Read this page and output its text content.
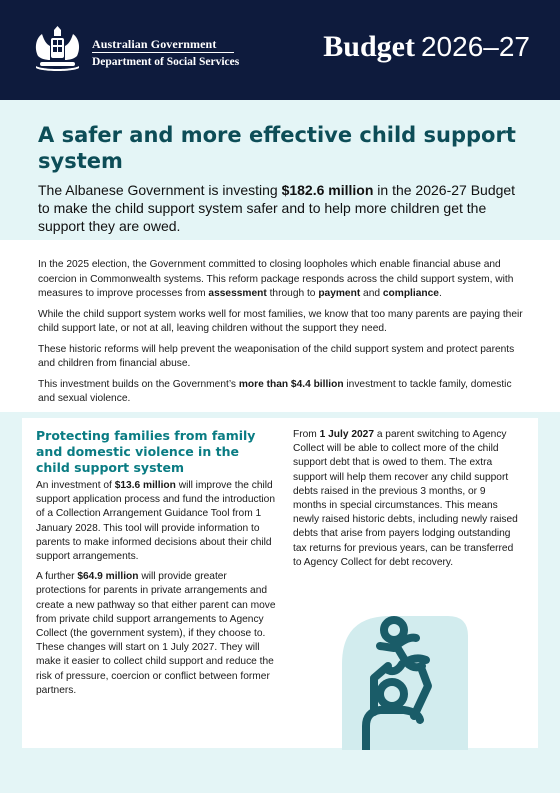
Australian Government
Department of Social Services	Budget 2026–27
A safer and more effective child support system

The Albanese Government is investing $182.6 million in the 2026-27 Budget to make the child support system safer and to help more children get the support they are owed.

In the 2025 election, the Government committed to closing loopholes which enable financial abuse and coercion in Commonwealth systems. This reform package responds across the child support system, with measures to improve processes from assessment through to payment and compliance.

While the child support system works well for most families, we know that too many parents are paying their child support late, or not at all, leaving children without the support they need.

These historic reforms will help prevent the weaponisation of the child support system and protect parents and children from financial abuse.

This investment builds on the Government’s more than $4.4 billion investment to tackle family, domestic and sexual violence.

Protecting families from family and domestic violence in the child support system

An investment of $13.6 million will improve the child support application process and fund the introduction of a Collection Arrangement Guidance Tool from 1 January 2028. This tool will provide information to parents to make informed decisions about their child support arrangements.

A further $64.9 million will provide greater protections for parents in private arrangements and create a new pathway so that either parent can move from private child support arrangements to Agency Collect (the government system), if they choose to. These changes will start on 1 July 2027. They will make it easier to collect child support and reduce the risk of pressure, coercion or conflict between former partners.

From 1 July 2027 a parent switching to Agency Collect will be able to collect more of the child support debt that is owed to them. The extra support will help them recover any child support debts raised in the previous 3 months, or 9 months in special circumstances. This means newly raised historic debts, including newly raised debts that arise from payers lodging outstanding tax returns for previous years, can be transferred to Agency Collect for debt recovery.
